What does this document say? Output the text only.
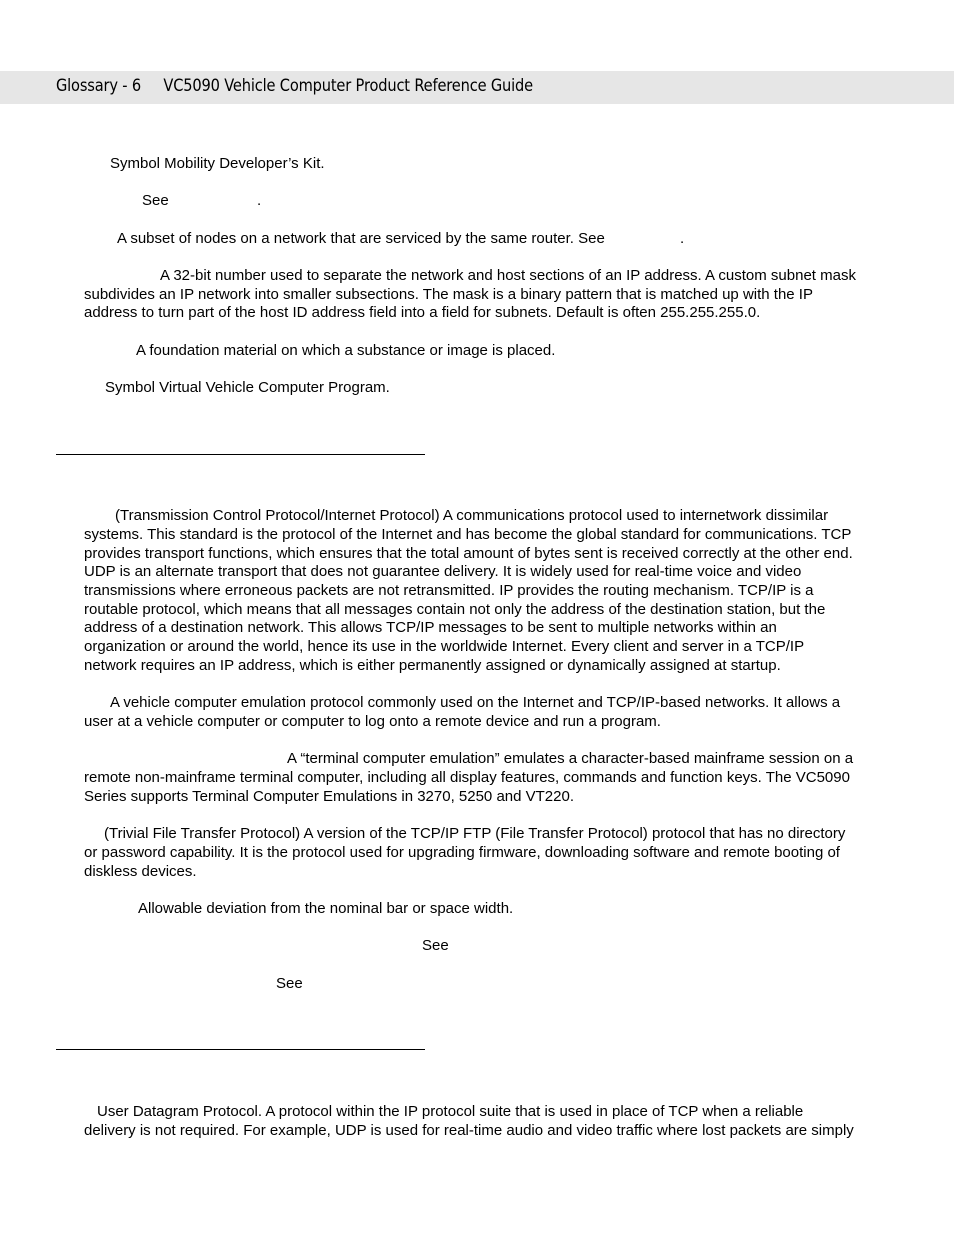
Glossary - 6 VC5090 Vehicle Computer Product Reference Guide

Symbol Mobility Developer’s Kit.

See	.

A subset of nodes on a network that are serviced by the same router. See	.

A 32-bit number used to separate the network and host sections of an IP address. A custom subnet mask

subdivides an IP network into smaller subsections. The mask is a binary pattern that is matched up with the IP

address to turn part of the host ID address field into a field for subnets. Default is often 255.255.255.0.

A foundation material on which a substance or image is placed.

Symbol Virtual Vehicle Computer Program.

(Transmission Control Protocol/Internet Protocol) A communications protocol used to internetwork dissimilar

systems. This standard is the protocol of the Internet and has become the global standard for communications. TCP

provides transport functions, which ensures that the total amount of bytes sent is received correctly at the other end.

UDP is an alternate transport that does not guarantee delivery. It is widely used for real-time voice and video

transmissions where erroneous packets are not retransmitted. IP provides the routing mechanism. TCP/IP is a

routable protocol, which means that all messages contain not only the address of the destination station, but the

address of a destination network. This allows TCP/IP messages to be sent to multiple networks within an

organization or around the world, hence its use in the worldwide Internet. Every client and server in a TCP/IP

network requires an IP address, which is either permanently assigned or dynamically assigned at startup.

A vehicle computer emulation protocol commonly used on the Internet and TCP/IP-based networks. It allows a

user at a vehicle computer or computer to log onto a remote device and run a program.

A “terminal computer emulation” emulates a character-based mainframe session on a

remote non-mainframe terminal computer, including all display features, commands and function keys. The VC5090

Series supports Terminal Computer Emulations in 3270, 5250 and VT220.

(Trivial File Transfer Protocol) A version of the TCP/IP FTP (File Transfer Protocol) protocol that has no directory

or password capability. It is the protocol used for upgrading firmware, downloading software and remote booting of

diskless devices.

Allowable deviation from the nominal bar or space width.

See

See

User Datagram Protocol. A protocol within the IP protocol suite that is used in place of TCP when a reliable

delivery is not required. For example, UDP is used for real-time audio and video traffic where lost packets are simply
